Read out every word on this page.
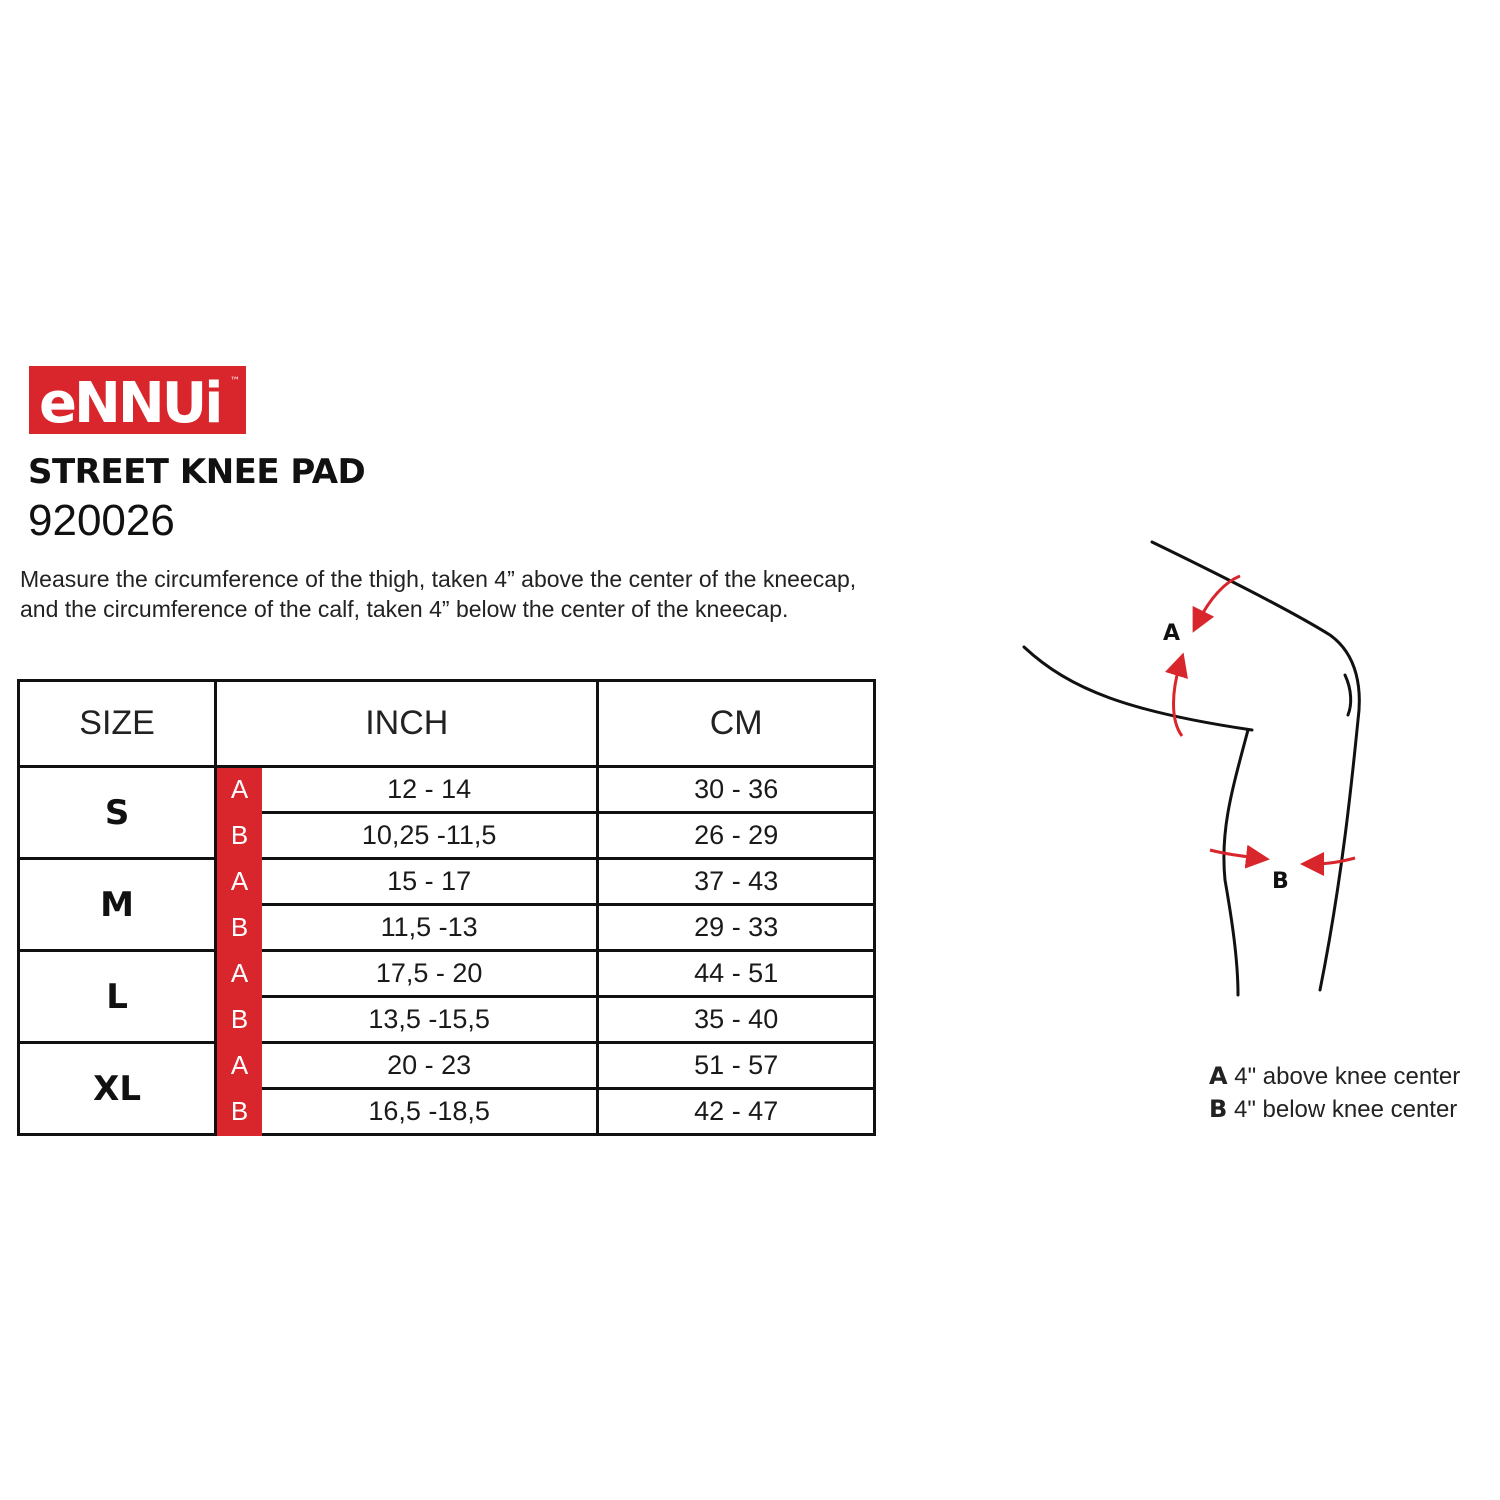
eNNUi ™
STREET KNEE PAD
920026
Measure the circumference of the thigh, taken 4” above the center of the kneecap, and the circumference of the calf, taken 4” below the center of the kneecap.
SIZE	INCH		CM
S	A	12 - 14	30 - 36
	B	10,25 -11,5	26 - 29
M	A	15 - 17	37 - 43
	B	11,5 -13	29 - 33
L	A	17,5 - 20	44 - 51
	B	13,5 -15,5	35 - 40
XL	A	20 - 23	51 - 57
	B	16,5 -18,5	42 - 47
A
B
A 4" above knee center
B 4" below knee center
